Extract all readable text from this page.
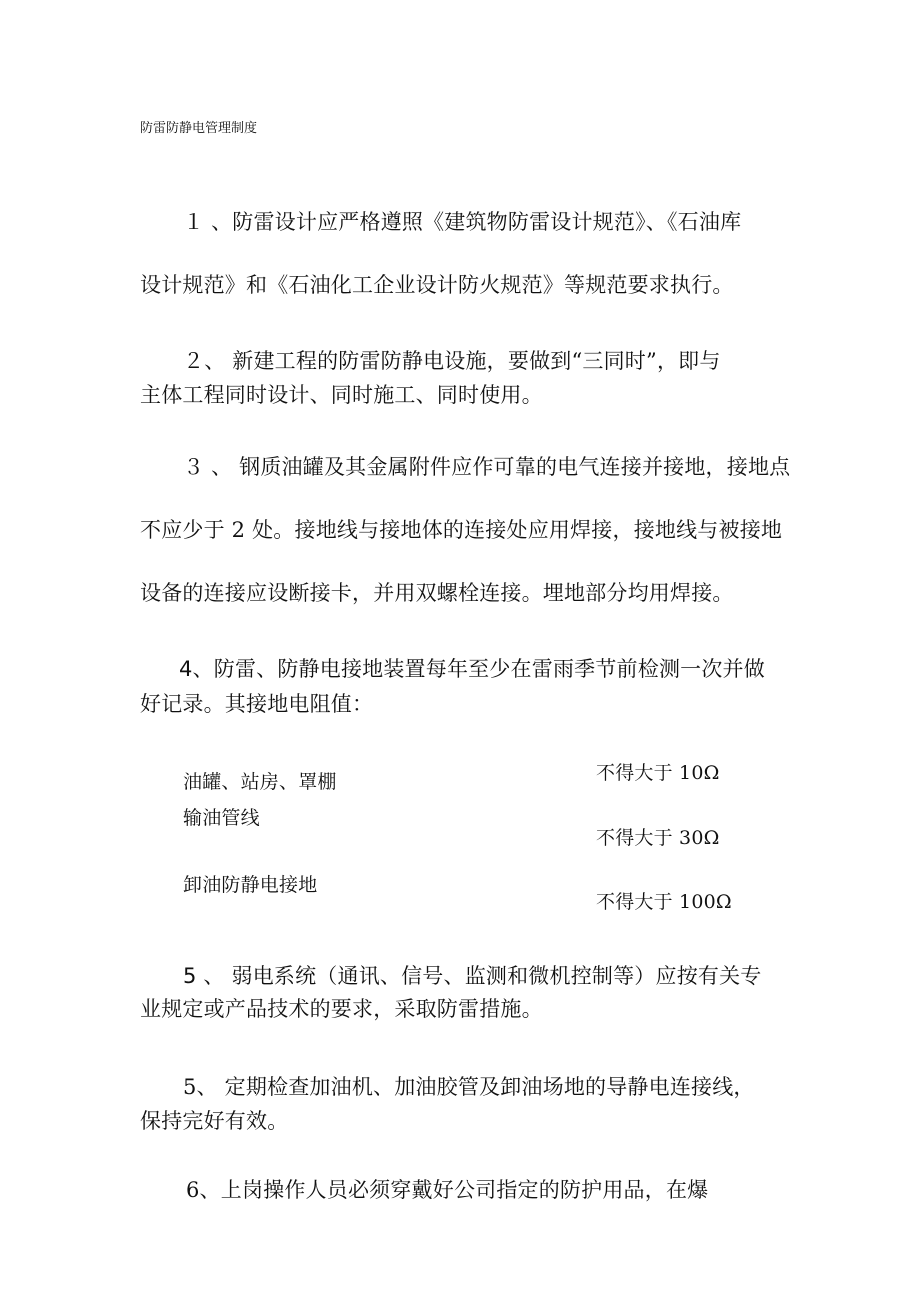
防雷防静电管理制度
１ 、防雷设计应严格遵照《建筑物防雷设计规范》、《石油库
设计规范》和《石油化工企业设计防火规范》等规范要求执行。
２、 新建工程的防雷防静电设施，要做到“三同时”，即与
主体工程同时设计、同时施工、同时使用。
３ 、 钢质油罐及其金属附件应作可靠的电气连接并接地，接地点
不应少于 2 处。接地线与接地体的连接处应用焊接，接地线与被接地
设备的连接应设断接卡，并用双螺栓连接。埋地部分均用焊接。
4、防雷、防静电接地装置每年至少在雷雨季节前检测一次并做
好记录。其接地电阻值：
油罐、站房、罩棚	不得大于 10Ω
输油管线
不得大于 30Ω
卸油防静电接地
不得大于 100Ω
5 、 弱电系统（通讯、信号、监测和微机控制等）应按有关专
业规定或产品技术的要求，采取防雷措施。
5、 定期检查加油机、加油胶管及卸油场地的导静电连接线，
保持完好有效。
6、上岗操作人员必须穿戴好公司指定的防护用品，在爆
